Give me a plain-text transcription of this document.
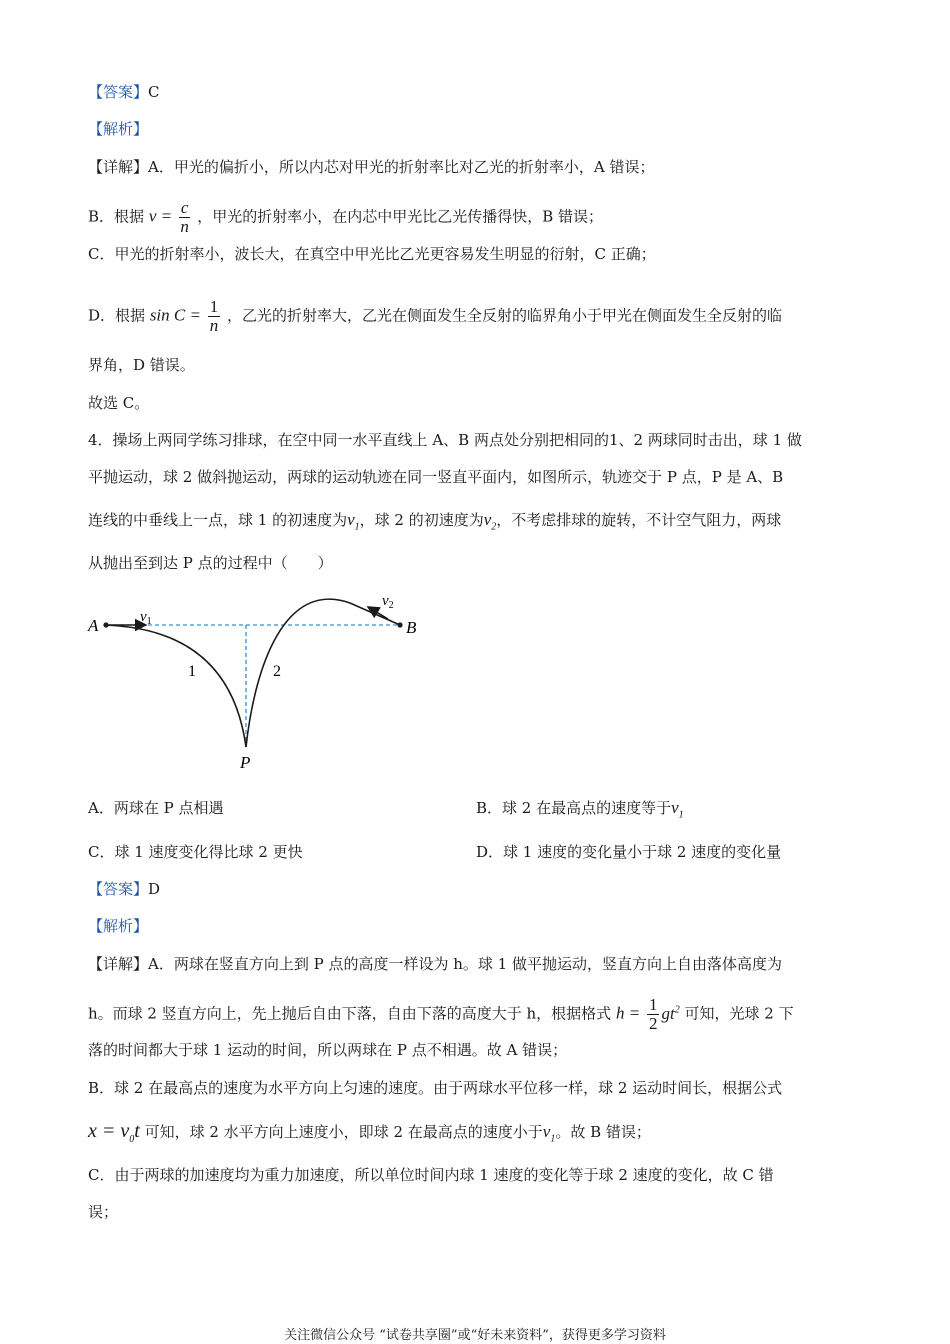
【答案】C
【解析】
【详解】A．甲光的偏折小，所以内芯对甲光的折射率比对乙光的折射率小，A 错误；
B．根据 $v = \frac{c}{n}$ ，甲光的折射率小，在内芯中甲光比乙光传播得快，B 错误；
C．甲光的折射率小，波长大，在真空中甲光比乙光更容易发生明显的衍射，C 正确；
D．根据 $\sin C = \frac{1}{n}$ ，乙光的折射率大，乙光在侧面发生全反射的临界角小于甲光在侧面发生全反射的临
界角，D 错误。
故选 C。
4．操场上两同学练习排球，在空中同一水平直线上 A、B 两点处分别把相同的1、2 两球同时击出，球 1 做
平抛运动，球 2 做斜抛运动，两球的运动轨迹在同一竖直平面内，如图所示，轨迹交于 P 点，P 是 A、B
连线的中垂线上一点，球 1 的初速度为$v_1$，球 2 的初速度为$v_2$，不考虑排球的旋转，不计空气阻力，两球
从抛出至到达 P 点的过程中（　　）
A	B
P
1	2
$v_1$
$v_2$
A．两球在 P 点相遇	B．球 2 在最高点的速度等于$v_1$
C．球 1 速度变化得比球 2 更快	D．球 1 速度的变化量小于球 2 速度的变化量
【答案】D
【解析】
【详解】A．两球在竖直方向上到 P 点的高度一样设为 h。球 1 做平抛运动，竖直方向上自由落体高度为
h。而球 2 竖直方向上，先上抛后自由下落，自由下落的高度大于 h，根据格式 $h = \frac{1}{2} gt^2$ 可知，光球 2 下
落的时间都大于球 1 运动的时间，所以两球在 P 点不相遇。故 A 错误；
B．球 2 在最高点的速度为水平方向上匀速的速度。由于两球水平位移一样，球 2 运动时间长，根据公式
$x = v_0t$ 可知，球 2 水平方向上速度小，即球 2 在最高点的速度小于$v_1$。故 B 错误；
C．由于两球的加速度均为重力加速度，所以单位时间内球 1 速度的变化等于球 2 速度的变化，故 C 错
误；
关注微信公众号 “试卷共享圈”或“好未来资料”，获得更多学习资料
